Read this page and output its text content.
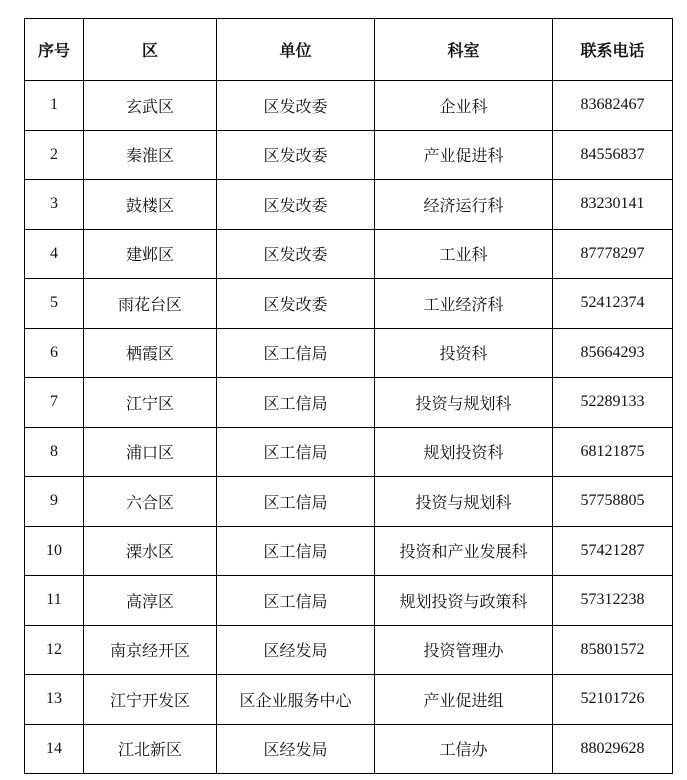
序号	区	单位	科室	联系电话
1	玄武区	区发改委	企业科	83682467
2	秦淮区	区发改委	产业促进科	84556837
3	鼓楼区	区发改委	经济运行科	83230141
4	建邺区	区发改委	工业科	87778297
5	雨花台区	区发改委	工业经济科	52412374
6	栖霞区	区工信局	投资科	85664293
7	江宁区	区工信局	投资与规划科	52289133
8	浦口区	区工信局	规划投资科	68121875
9	六合区	区工信局	投资与规划科	57758805
10	溧水区	区工信局	投资和产业发展科	57421287
11	高淳区	区工信局	规划投资与政策科	57312238
12	南京经开区	区经发局	投资管理办	85801572
13	江宁开发区	区企业服务中心	产业促进组	52101726
14	江北新区	区经发局	工信办	88029628
